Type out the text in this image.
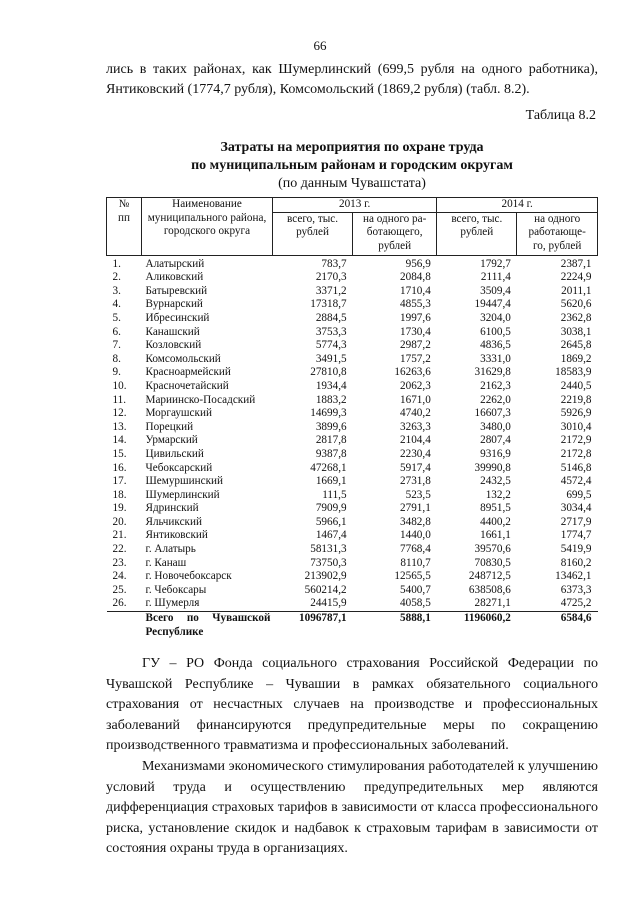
66

лись в таких районах, как Шумерлинский (699,5 рубля на одного работника),

Янтиковский (1774,7 рубля), Комсомольский (1869,2 рубля) (табл. 8.2).

Таблица 8.2
Затраты на мероприятия по охране труда
по муниципальным районам и городским округам
(по данным Чувашстата)
№
пп	Наименование
муниципального района,
городского округа	2013 г.		2014 г.	
		всего, тыс.
рублей	на одного ра-
ботающего,
рублей	всего, тыс.
рублей	на одного
работающе-
го, рублей
1.	Алатырский	783,7	956,9	1792,7	2387,1
2.	Аликовский	2170,3	2084,8	2111,4	2224,9
3.	Батыревский	3371,2	1710,4	3509,4	2011,1
4.	Вурнарский	17318,7	4855,3	19447,4	5620,6
5.	Ибресинский	2884,5	1997,6	3204,0	2362,8
6.	Канашский	3753,3	1730,4	6100,5	3038,1
7.	Козловский	5774,3	2987,2	4836,5	2645,8
8.	Комсомольский	3491,5	1757,2	3331,0	1869,2
9.	Красноармейский	27810,8	16263,6	31629,8	18583,9
10.	Красночетайский	1934,4	2062,3	2162,3	2440,5
11.	Мариинско-Посадский	1883,2	1671,0	2262,0	2219,8
12.	Моргаушский	14699,3	4740,2	16607,3	5926,9
13.	Порецкий	3899,6	3263,3	3480,0	3010,4
14.	Урмарский	2817,8	2104,4	2807,4	2172,9
15.	Цивильский	9387,8	2230,4	9316,9	2172,8
16.	Чебоксарский	47268,1	5917,4	39990,8	5146,8
17.	Шемуршинский	1669,1	2731,8	2432,5	4572,4
18.	Шумерлинский	111,5	523,5	132,2	699,5
19.	Ядринский	7909,9	2791,1	8951,5	3034,4
20.	Яльчикский	5966,1	3482,8	4400,2	2717,9
21.	Янтиковский	1467,4	1440,0	1661,1	1774,7
22.	г. Алатырь	58131,3	7768,4	39570,6	5419,9
23.	г. Канаш	73750,3	8110,7	70830,5	8160,2
24.	г. Новочебоксарск	213902,9	12565,5	248712,5	13462,1
25.	г. Чебоксары	560214,2	5400,7	638508,6	6373,3
26.	г. Шумерля	24415,9	4058,5	28271,1	4725,2

	Всего по Чувашской
Республике	1096787,1	5888,1	1196060,2	6584,6

ГУ – РО Фонда социального страхования Российской Федерации по Чувашской Республике – Чувашии в рамках обязательного социального страхования от несчастных случаев на производстве и профессиональных заболеваний финансируются предупредительные меры по сокращению производственного травматизма и профессиональных заболеваний.

Механизмами экономического стимулирования работодателей к улучшению условий труда и осуществлению предупредительных мер являются дифференциация страховых тарифов в зависимости от класса профессионального риска, установление скидок и надбавок к страховым тарифам в зависимости от состояния охраны труда в организациях.
